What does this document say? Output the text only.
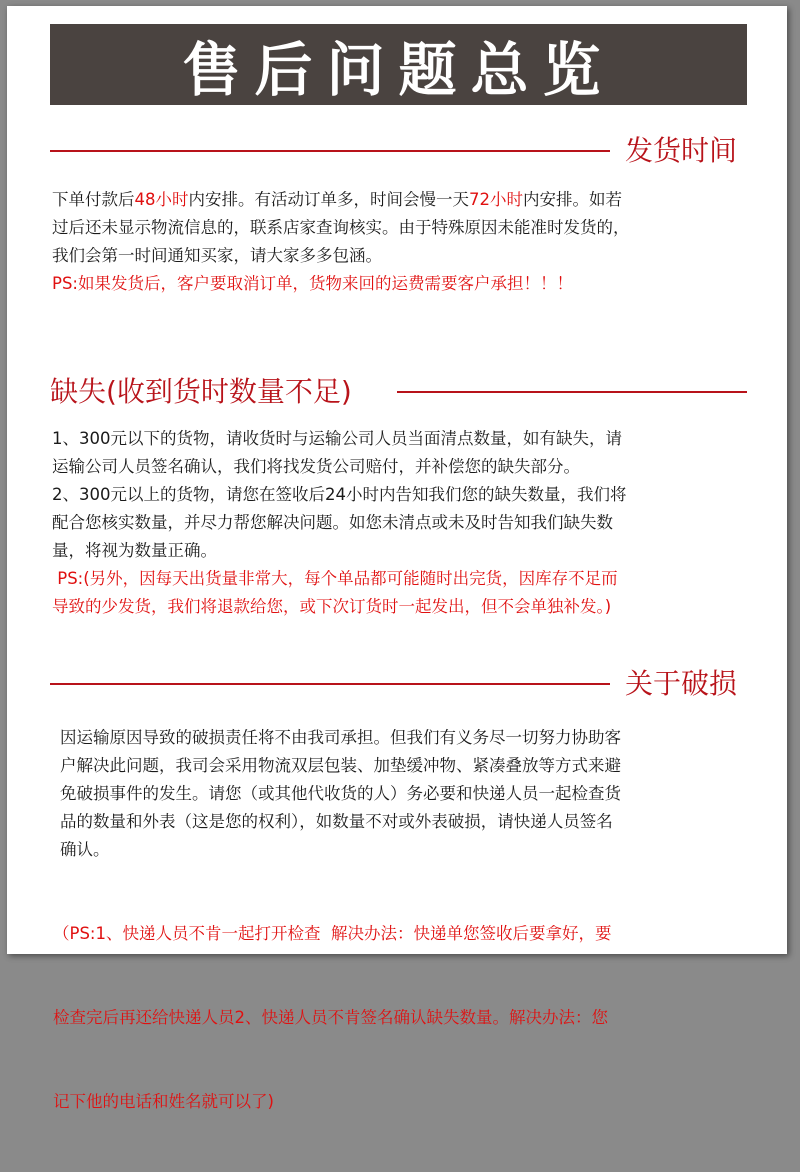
售后问题总览
发货时间
下单付款后48小时内安排。有活动订单多，时间会慢一天72小时内安排。如若
过后还未显示物流信息的，联系店家查询核实。由于特殊原因未能准时发货的，
我们会第一时间通知买家，请大家多多包涵。
PS:如果发货后，客户要取消订单，货物来回的运费需要客户承担！！！
缺失(收到货时数量不足)
1、300元以下的货物，请收货时与运输公司人员当面清点数量，如有缺失，请
运输公司人员签名确认，我们将找发货公司赔付，并补偿您的缺失部分。
2、300元以上的货物，请您在签收后24小时内告知我们您的缺失数量，我们将
配合您核实数量，并尽力帮您解决问题。如您未清点或未及时告知我们缺失数
量，将视为数量正确。
PS:(另外，因每天出货量非常大，每个单品都可能随时出完货，因库存不足而
导致的少发货，我们将退款给您，或下次订货时一起发出，但不会单独补发。)
关于破损
因运输原因导致的破损责任将不由我司承担。但我们有义务尽一切努力协助客
户解决此问题，我司会采用物流双层包装、加垫缓冲物、紧凑叠放等方式来避
免破损事件的发生。请您（或其他代收货的人）务必要和快递人员一起检查货
品的数量和外表（这是您的权利），如数量不对或外表破损，请快递人员签名
确认。

（PS:1、快递人员不肯一起打开检查  解决办法：快递单您签收后要拿好，要

检查完后再还给快递人员2、快递人员不肯签名确认缺失数量。解决办法：您

记下他的电话和姓名就可以了)
